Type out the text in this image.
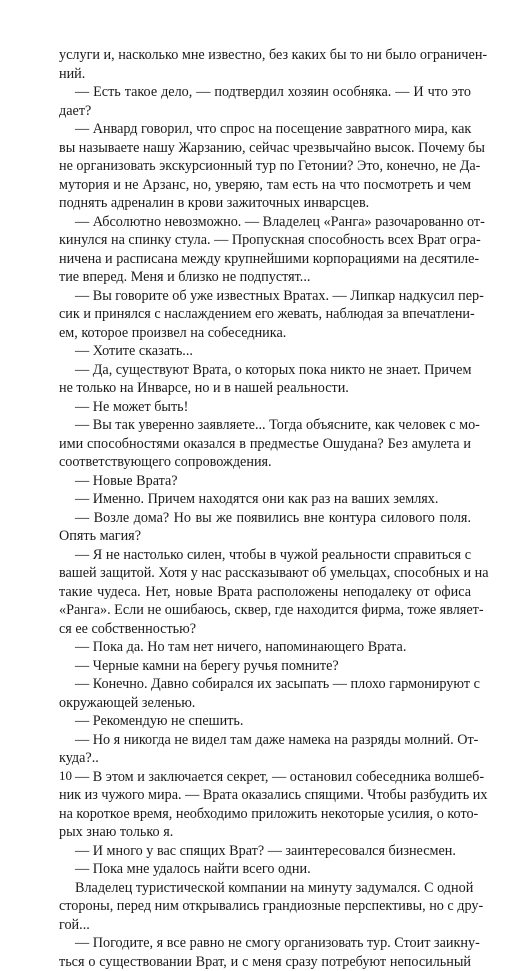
услуги и, насколько мне известно, без каких бы то ни было ограничен-
ний.
— Есть такое дело, — подтвердил хозяин особняка. — И что это
дает?
— Анвард говорил, что спрос на посещение завратного мира, как
вы называете нашу Жарзанию, сейчас чрезвычайно высок. Почему бы
не организовать экскурсионный тур по Гетонии? Это, конечно, не Да-
мутория и не Арзанс, но, уверяю, там есть на что посмотреть и чем
поднять адреналин в крови зажиточных инварсцев.
— Абсолютно невозможно. — Владелец «Ранга» разочарованно от-
кинулся на спинку стула. — Пропускная способность всех Врат огра-
ничена и расписана между крупнейшими корпорациями на десятиле-
тие вперед. Меня и близко не подпустят...
— Вы говорите об уже известных Вратах. — Липкар надкусил пер-
сик и принялся с наслаждением его жевать, наблюдая за впечатлени-
ем, которое произвел на собеседника.
— Хотите сказать...
— Да, существуют Врата, о которых пока никто не знает. Причем
не только на Инварсе, но и в нашей реальности.
— Не может быть!
— Вы так уверенно заявляете... Тогда объясните, как человек с мо-
ими способностями оказался в предместье Ошудана? Без амулета и
соответствующего сопровождения.
— Новые Врата?
— Именно. Причем находятся они как раз на ваших землях.
— Возле дома? Но вы же появились вне контура силового поля.
Опять магия?
— Я не настолько силен, чтобы в чужой реальности справиться с
вашей защитой. Хотя у нас рассказывают об умельцах, способных и на
такие чудеса. Нет, новые Врата расположены неподалеку от офиса
«Ранга». Если не ошибаюсь, сквер, где находится фирма, тоже являет-
ся ее собственностью?
— Пока да. Но там нет ничего, напоминающего Врата.
— Черные камни на берегу ручья помните?
— Конечно. Давно собирался их засыпать — плохо гармонируют с
окружающей зеленью.
— Рекомендую не спешить.
— Но я никогда не видел там даже намека на разряды молний. От-
куда?..
— В этом и заключается секрет, — остановил собеседника волшеб-
ник из чужого мира. — Врата оказались спящими. Чтобы разбудить их
на короткое время, необходимо приложить некоторые усилия, о кото-
рых знаю только я.
— И много у вас спящих Врат? — заинтересовался бизнесмен.
— Пока мне удалось найти всего одни.
Владелец туристической компании на минуту задумался. С одной
стороны, перед ним открывались грандиозные перспективы, но с дру-
гой...
— Погодите, я все равно не смогу организовать тур. Стоит заикну-
ться о существовании Врат, и с меня сразу потребуют непосильный
10
